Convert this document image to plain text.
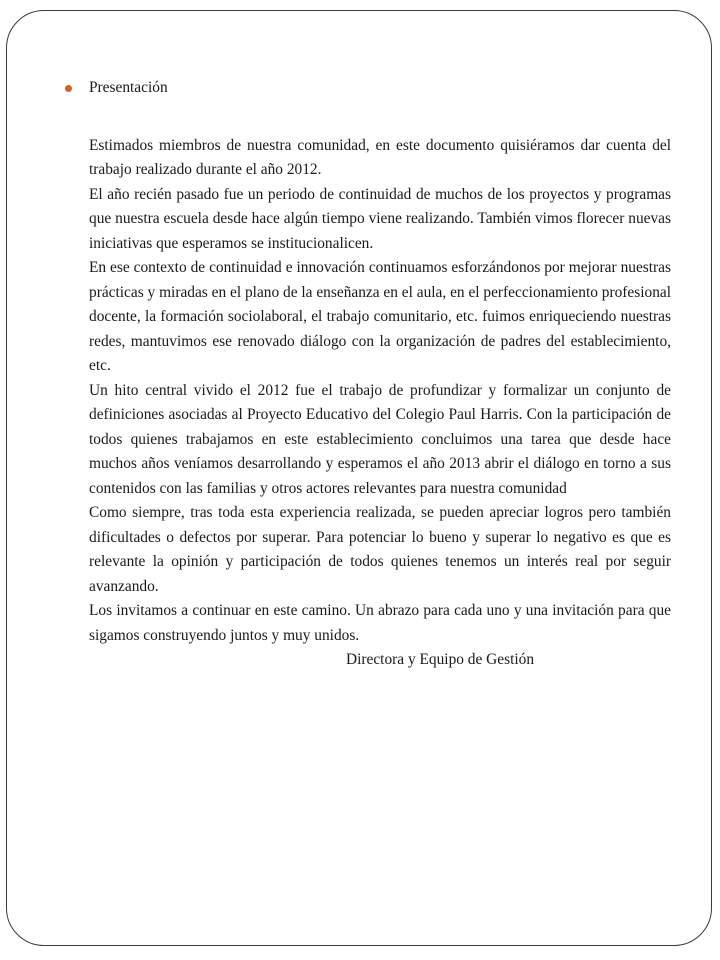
Presentación

Estimados miembros de nuestra comunidad, en este documento quisiéramos dar cuenta del trabajo realizado durante el año 2012.

El año recién pasado fue un periodo de continuidad de muchos de los proyectos y programas que nuestra escuela desde hace algún tiempo viene realizando. También vimos florecer nuevas iniciativas que esperamos se institucionalicen.

En ese contexto de continuidad e innovación continuamos esforzándonos por mejorar nuestras prácticas y miradas en el plano de la enseñanza en el aula, en el perfeccionamiento profesional docente, la formación sociolaboral, el trabajo comunitario, etc. fuimos enriqueciendo nuestras redes, mantuvimos ese renovado diálogo con la organización de padres del establecimiento, etc.

Un hito central vivido el 2012 fue el trabajo de profundizar y formalizar un conjunto de definiciones asociadas al Proyecto Educativo del Colegio Paul Harris. Con la participación de todos quienes trabajamos en este establecimiento concluimos una tarea que desde hace muchos años veníamos desarrollando y esperamos el año 2013 abrir el diálogo en torno a sus contenidos con las familias y otros actores relevantes para nuestra comunidad

Como siempre, tras toda esta experiencia realizada, se pueden apreciar logros pero también dificultades o defectos por superar. Para potenciar lo bueno y superar lo negativo es que es relevante la opinión y participación de todos quienes tenemos un interés real por seguir avanzando.

Los invitamos a continuar en este camino. Un abrazo para cada uno y una invitación para que sigamos construyendo juntos y muy unidos.

Directora y Equipo de Gestión
